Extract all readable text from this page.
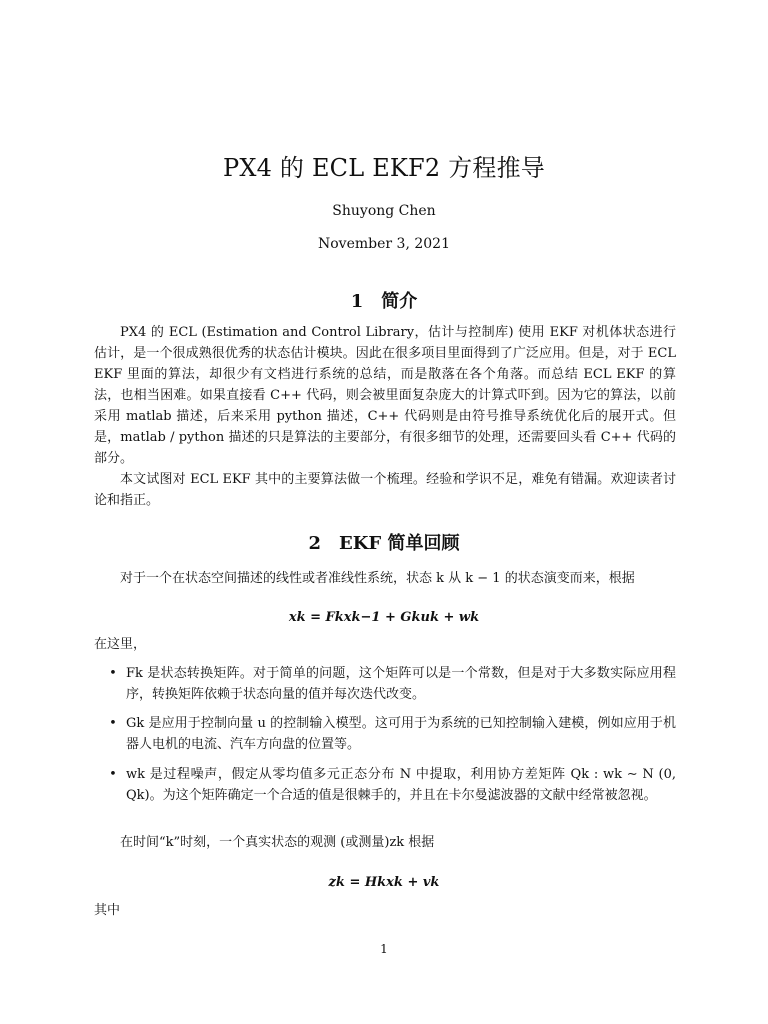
PX4 的 ECL EKF2 方程推导
Shuyong Chen
November 3, 2021
1 简介
PX4 的 ECL (Estimation and Control Library，估计与控制库) 使用 EKF 对机体状态进行估计，是一个很成熟很优秀的状态估计模块。因此在很多项目里面得到了广泛应用。但是，对于 ECL EKF 里面的算法，却很少有文档进行系统的总结，而是散落在各个角落。而总结 ECL EKF 的算法，也相当困难。如果直接看 C++ 代码，则会被里面复杂庞大的计算式吓到。因为它的算法，以前采用 matlab 描述，后来采用 python 描述，C++ 代码则是由符号推导系统优化后的展开式。但是，matlab / python 描述的只是算法的主要部分，有很多细节的处理，还需要回头看 C++ 代码的部分。
本文试图对 ECL EKF 其中的主要算法做一个梳理。经验和学识不足，难免有错漏。欢迎读者讨论和指正。
2 EKF 简单回顾
对于一个在状态空间描述的线性或者准线性系统，状态 k 从 k − 1 的状态演变而来，根据
xk = Fkxk−1 + Gkuk + wk
在这里，
• Fk 是状态转换矩阵。对于简单的问题，这个矩阵可以是一个常数，但是对于大多数实际应用程序，转换矩阵依赖于状态向量的值并每次迭代改变。
• Gk 是应用于控制向量 u 的控制输入模型。这可用于为系统的已知控制输入建模，例如应用于机器人电机的电流、汽车方向盘的位置等。
• wk 是过程噪声，假定从零均值多元正态分布 N 中提取，利用协方差矩阵 Qk : wk ∼ N (0, Qk)。为这个矩阵确定一个合适的值是很棘手的，并且在卡尔曼滤波器的文献中经常被忽视。
在时间“k”时刻，一个真实状态的观测 (或测量)zk 根据
zk = Hkxk + vk
其中
1
